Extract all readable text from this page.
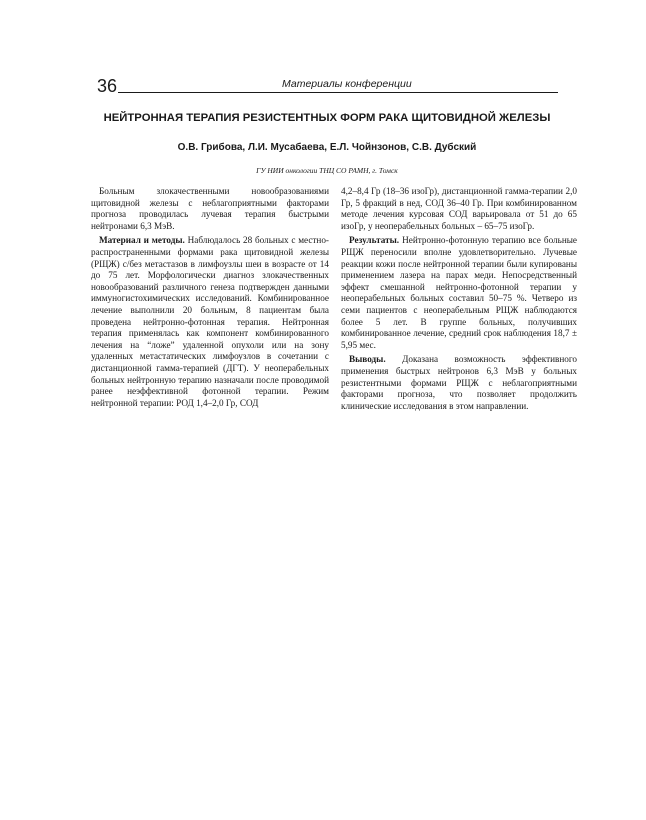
36	Материалы конференции
НЕЙТРОННАЯ ТЕРАПИЯ РЕЗИСТЕНТНЫХ ФОРМ РАКА ЩИТОВИДНОЙ ЖЕЛЕЗЫ
О.В. Грибова, Л.И. Мусабаева, Е.Л. Чойнзонов, С.В. Дубский
ГУ НИИ онкологии ТНЦ СО РАМН, г. Томск

Больным злокачественными новообразованиями щитовидной железы с неблагоприятными факторами прогноза проводилась лучевая терапия быстрыми нейтронами 6,3 МэВ.

Материал и методы. Наблюдалось 28 больных с местно-распространенными формами рака щитовидной железы (РЩЖ) с/без метастазов в лимфоузлы шеи в возрасте от 14 до 75 лет. Морфологически диагноз злокачественных новообразований различного генеза подтвержден данными иммуногистохимических исследований. Комбинированное лечение выполнили 20 больным, 8 пациентам была проведена нейтронно-фотонная терапия. Нейтронная терапия применялась как компонент комбинированного лечения на “ложе” удаленной опухоли или на зону удаленных метастатических лимфоузлов в сочетании с дистанционной гамма-терапией (ДГТ). У неоперабельных больных нейтронную терапию назначали после проводимой ранее неэффективной фотонной терапии. Режим нейтронной терапии: РОД 1,4–2,0 Гр, СОД

4,2–8,4 Гр (18–36 изоГр), дистанционной гамма-терапии 2,0 Гр, 5 фракций в нед, СОД 36–40 Гр. При комбинированном методе лечения курсовая СОД варьировала от 51 до 65 изоГр, у неоперабельных больных – 65–75 изоГр.

Результаты. Нейтронно-фотонную терапию все больные РЩЖ переносили вполне удовлетворительно. Лучевые реакции кожи после нейтронной терапии были купированы применением лазера на парах меди. Непосредственный эффект смешанной нейтронно-фотонной терапии у неоперабельных больных составил 50–75 %. Четверо из семи пациентов с неоперабельным РЩЖ наблюдаются более 5 лет. В группе больных, получивших комбинированное лечение, средний срок наблюдения 18,7 ± 5,95 мес.

Выводы. Доказана возможность эффективного применения быстрых нейтронов 6,3 МэВ у больных резистентными формами РЩЖ с неблагоприятными факторами прогноза, что позволяет продолжить клинические исследования в этом направлении.
